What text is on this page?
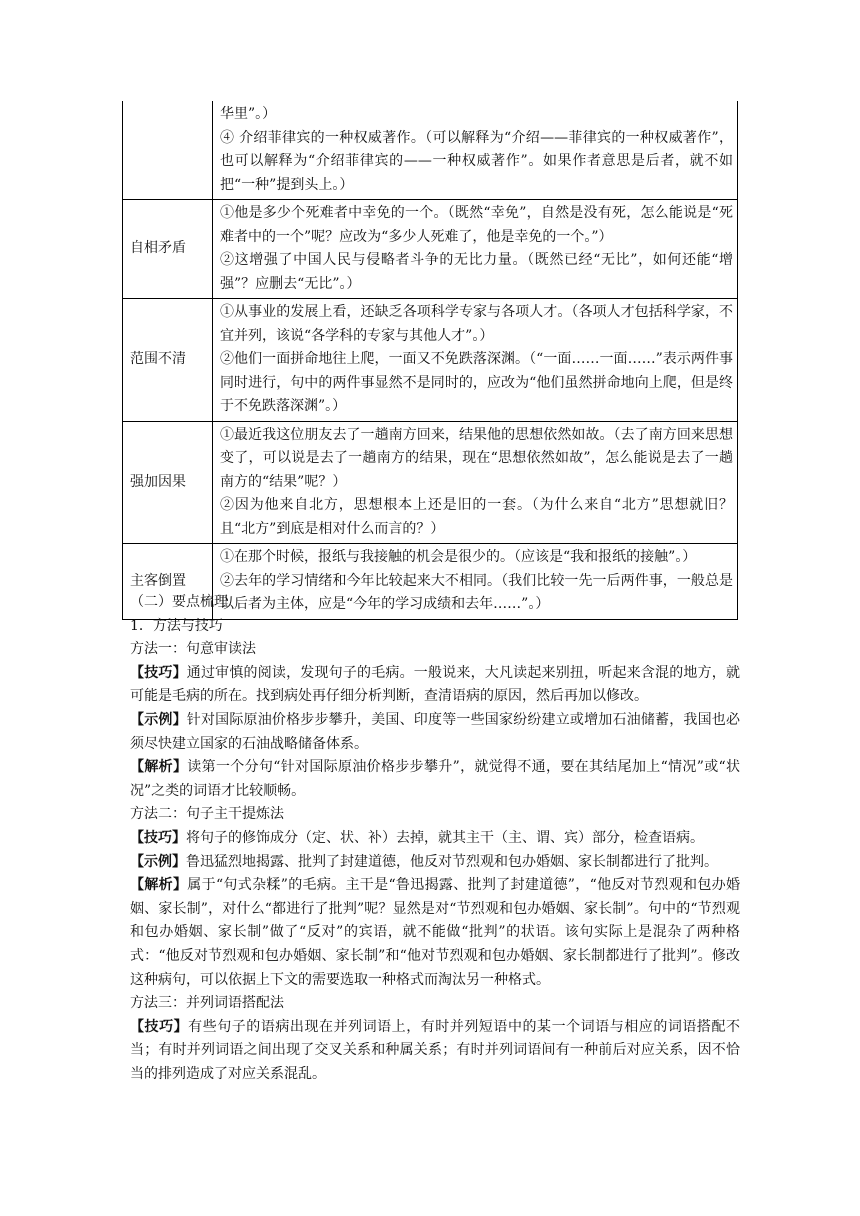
	华里”。）
④ 介绍菲律宾的一种权威著作。（可以解释为“介绍——菲律宾的一种权威著作”，也可以解释为“介绍菲律宾的——一种权威著作”。如果作者意思是后者，就不如把“一种”提到头上。）

自相矛盾	①他是多少个死难者中幸免的一个。（既然“幸免”，自然是没有死，怎么能说是“死难者中的一个”呢？应改为“多少人死难了，他是幸免的一个。”）
②这增强了中国人民与侵略者斗争的无比力量。（既然已经“无比”，如何还能“增强”？应删去“无比”。）

范围不清	①从事业的发展上看，还缺乏各项科学专家与各项人才。（各项人才包括科学家，不宜并列，该说“各学科的专家与其他人才”。）
②他们一面拼命地往上爬，一面又不免跌落深渊。（“一面……一面……”表示两件事同时进行，句中的两件事显然不是同时的，应改为“他们虽然拼命地向上爬，但是终于不免跌落深渊”。）

强加因果	①最近我这位朋友去了一趟南方回来，结果他的思想依然如故。（去了南方回来思想变了，可以说是去了一趟南方的结果，现在“思想依然如故”，怎么能说是去了一趟南方的“结果”呢？）
②因为他来自北方，思想根本上还是旧的一套。（为什么来自“北方”思想就旧？且“北方”到底是相对什么而言的？）

主客倒置	①在那个时候，报纸与我接触的机会是很少的。（应该是“我和报纸的接触”。）
②去年的学习情绪和今年比较起来大不相同。（我们比较一先一后两件事，一般总是以后者为主体，应是“今年的学习成绩和去年……”。）

（二）要点梳理

1．方法与技巧

方法一：句意审读法

【技巧】通过审慎的阅读，发现句子的毛病。一般说来，大凡读起来别扭，听起来含混的地方，就可能是毛病的所在。找到病处再仔细分析判断，查清语病的原因，然后再加以修改。

【示例】针对国际原油价格步步攀升，美国、印度等一些国家纷纷建立或增加石油储蓄，我国也必须尽快建立国家的石油战略储备体系。

【解析】读第一个分句“针对国际原油价格步步攀升”，就觉得不通，要在其结尾加上“情况”或“状况”之类的词语才比较顺畅。

方法二：句子主干提炼法

【技巧】将句子的修饰成分（定、状、补）去掉，就其主干（主、谓、宾）部分，检查语病。

【示例】鲁迅猛烈地揭露、批判了封建道德，他反对节烈观和包办婚姻、家长制都进行了批判。

【解析】属于“句式杂糅”的毛病。主干是“鲁迅揭露、批判了封建道德”，“他反对节烈观和包办婚姻、家长制”，对什么“都进行了批判”呢？显然是对“节烈观和包办婚姻、家长制”。句中的“节烈观和包办婚姻、家长制”做了“反对”的宾语，就不能做“批判”的状语。该句实际上是混杂了两种格式：“他反对节烈观和包办婚姻、家长制”和“他对节烈观和包办婚姻、家长制都进行了批判”。修改这种病句，可以依据上下文的需要选取一种格式而淘汰另一种格式。

方法三：并列词语搭配法

【技巧】有些句子的语病出现在并列词语上，有时并列短语中的某一个词语与相应的词语搭配不当；有时并列词语之间出现了交叉关系和种属关系；有时并列词语间有一种前后对应关系，因不恰当的排列造成了对应关系混乱。
